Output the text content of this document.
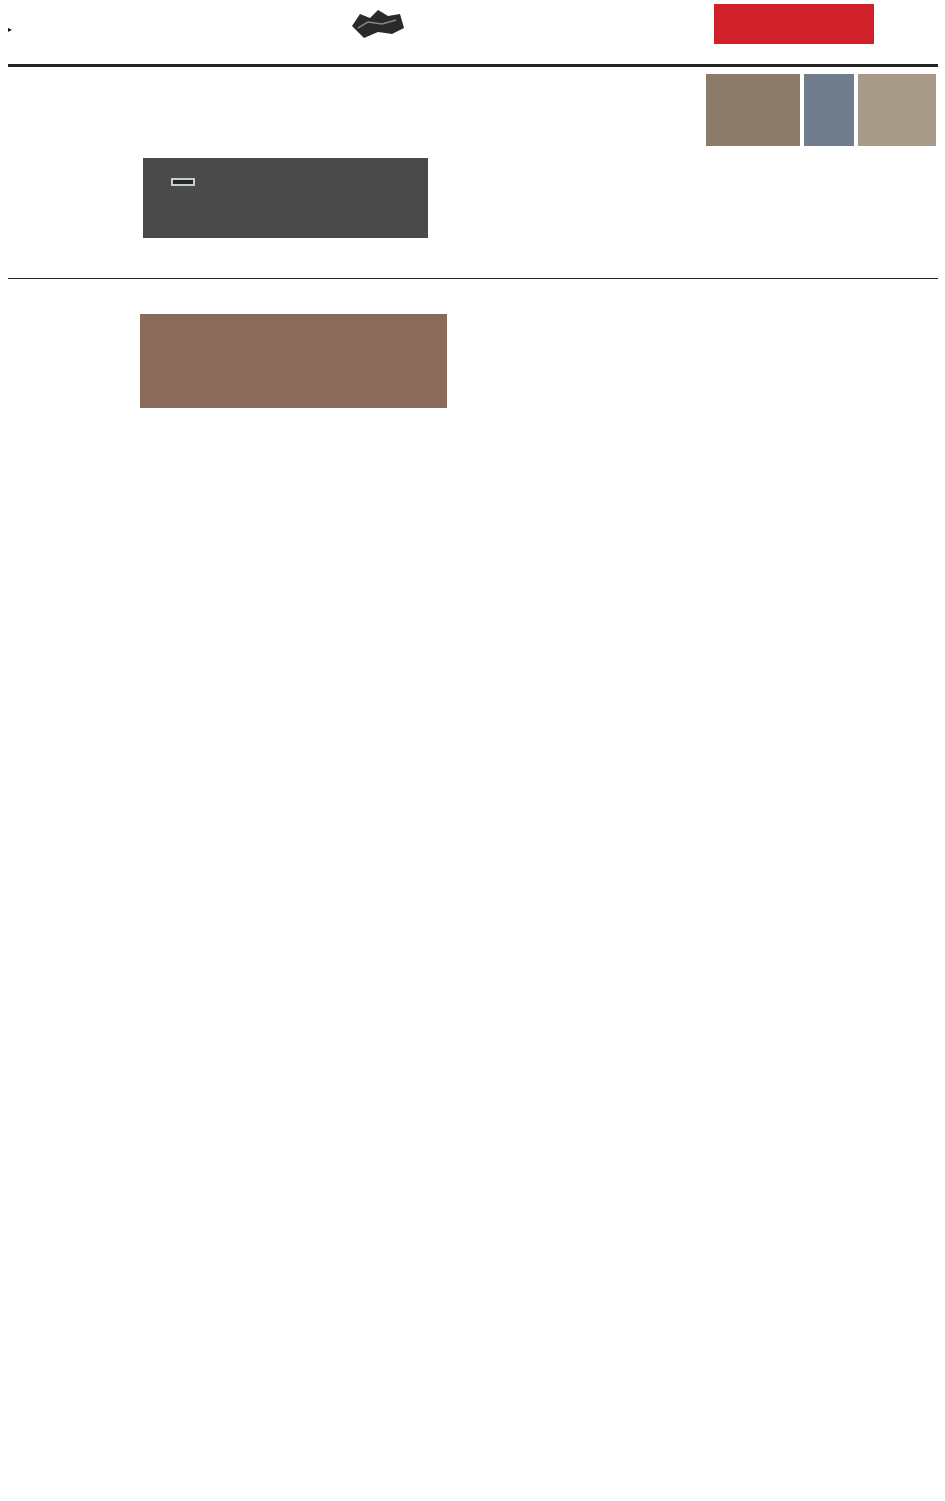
▸
